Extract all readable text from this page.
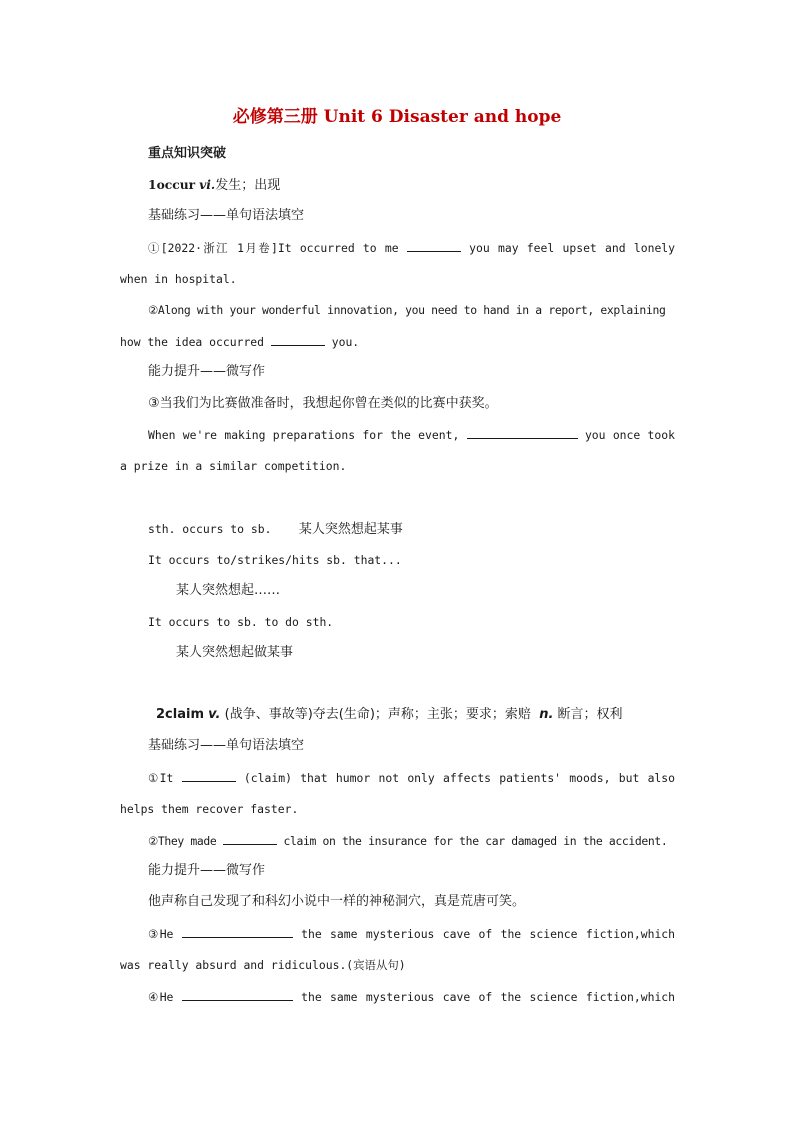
必修第三册 Unit 6 Disaster and hope
重点知识突破
1occur vi.发生；出现
基础练习——单句语法填空
①[2022·浙江 1月卷]It occurred to me	you may feel upset and lonely
when in hospital.
②Along with your wonderful innovation, you need to hand in a report, explaining
how the idea occurred	you.
能力提升——微写作
③当我们为比赛做准备时，我想起你曾在类似的比赛中获奖。
When we're making preparations for the event,	you once took
a prize in a similar competition.
sth. occurs to sb. 某人突然想起某事
It occurs to/strikes/hits sb. that...
某人突然想起……
It occurs to sb. to do sth.
某人突然想起做某事
2claim v. (战争、事故等)夺去(生命)；声称；主张；要求；索赔 n. 断言；权利
基础练习——单句语法填空
①It	(claim) that humor not only affects patients' moods, but also
helps them recover faster.
②They made	claim on the insurance for the car damaged in the accident.
能力提升——微写作
他声称自己发现了和科幻小说中一样的神秘洞穴，真是荒唐可笑。
③He	the same mysterious cave of the science fiction,which
was really absurd and ridiculous.(宾语从句)
④He	the same mysterious cave of the science fiction,which
